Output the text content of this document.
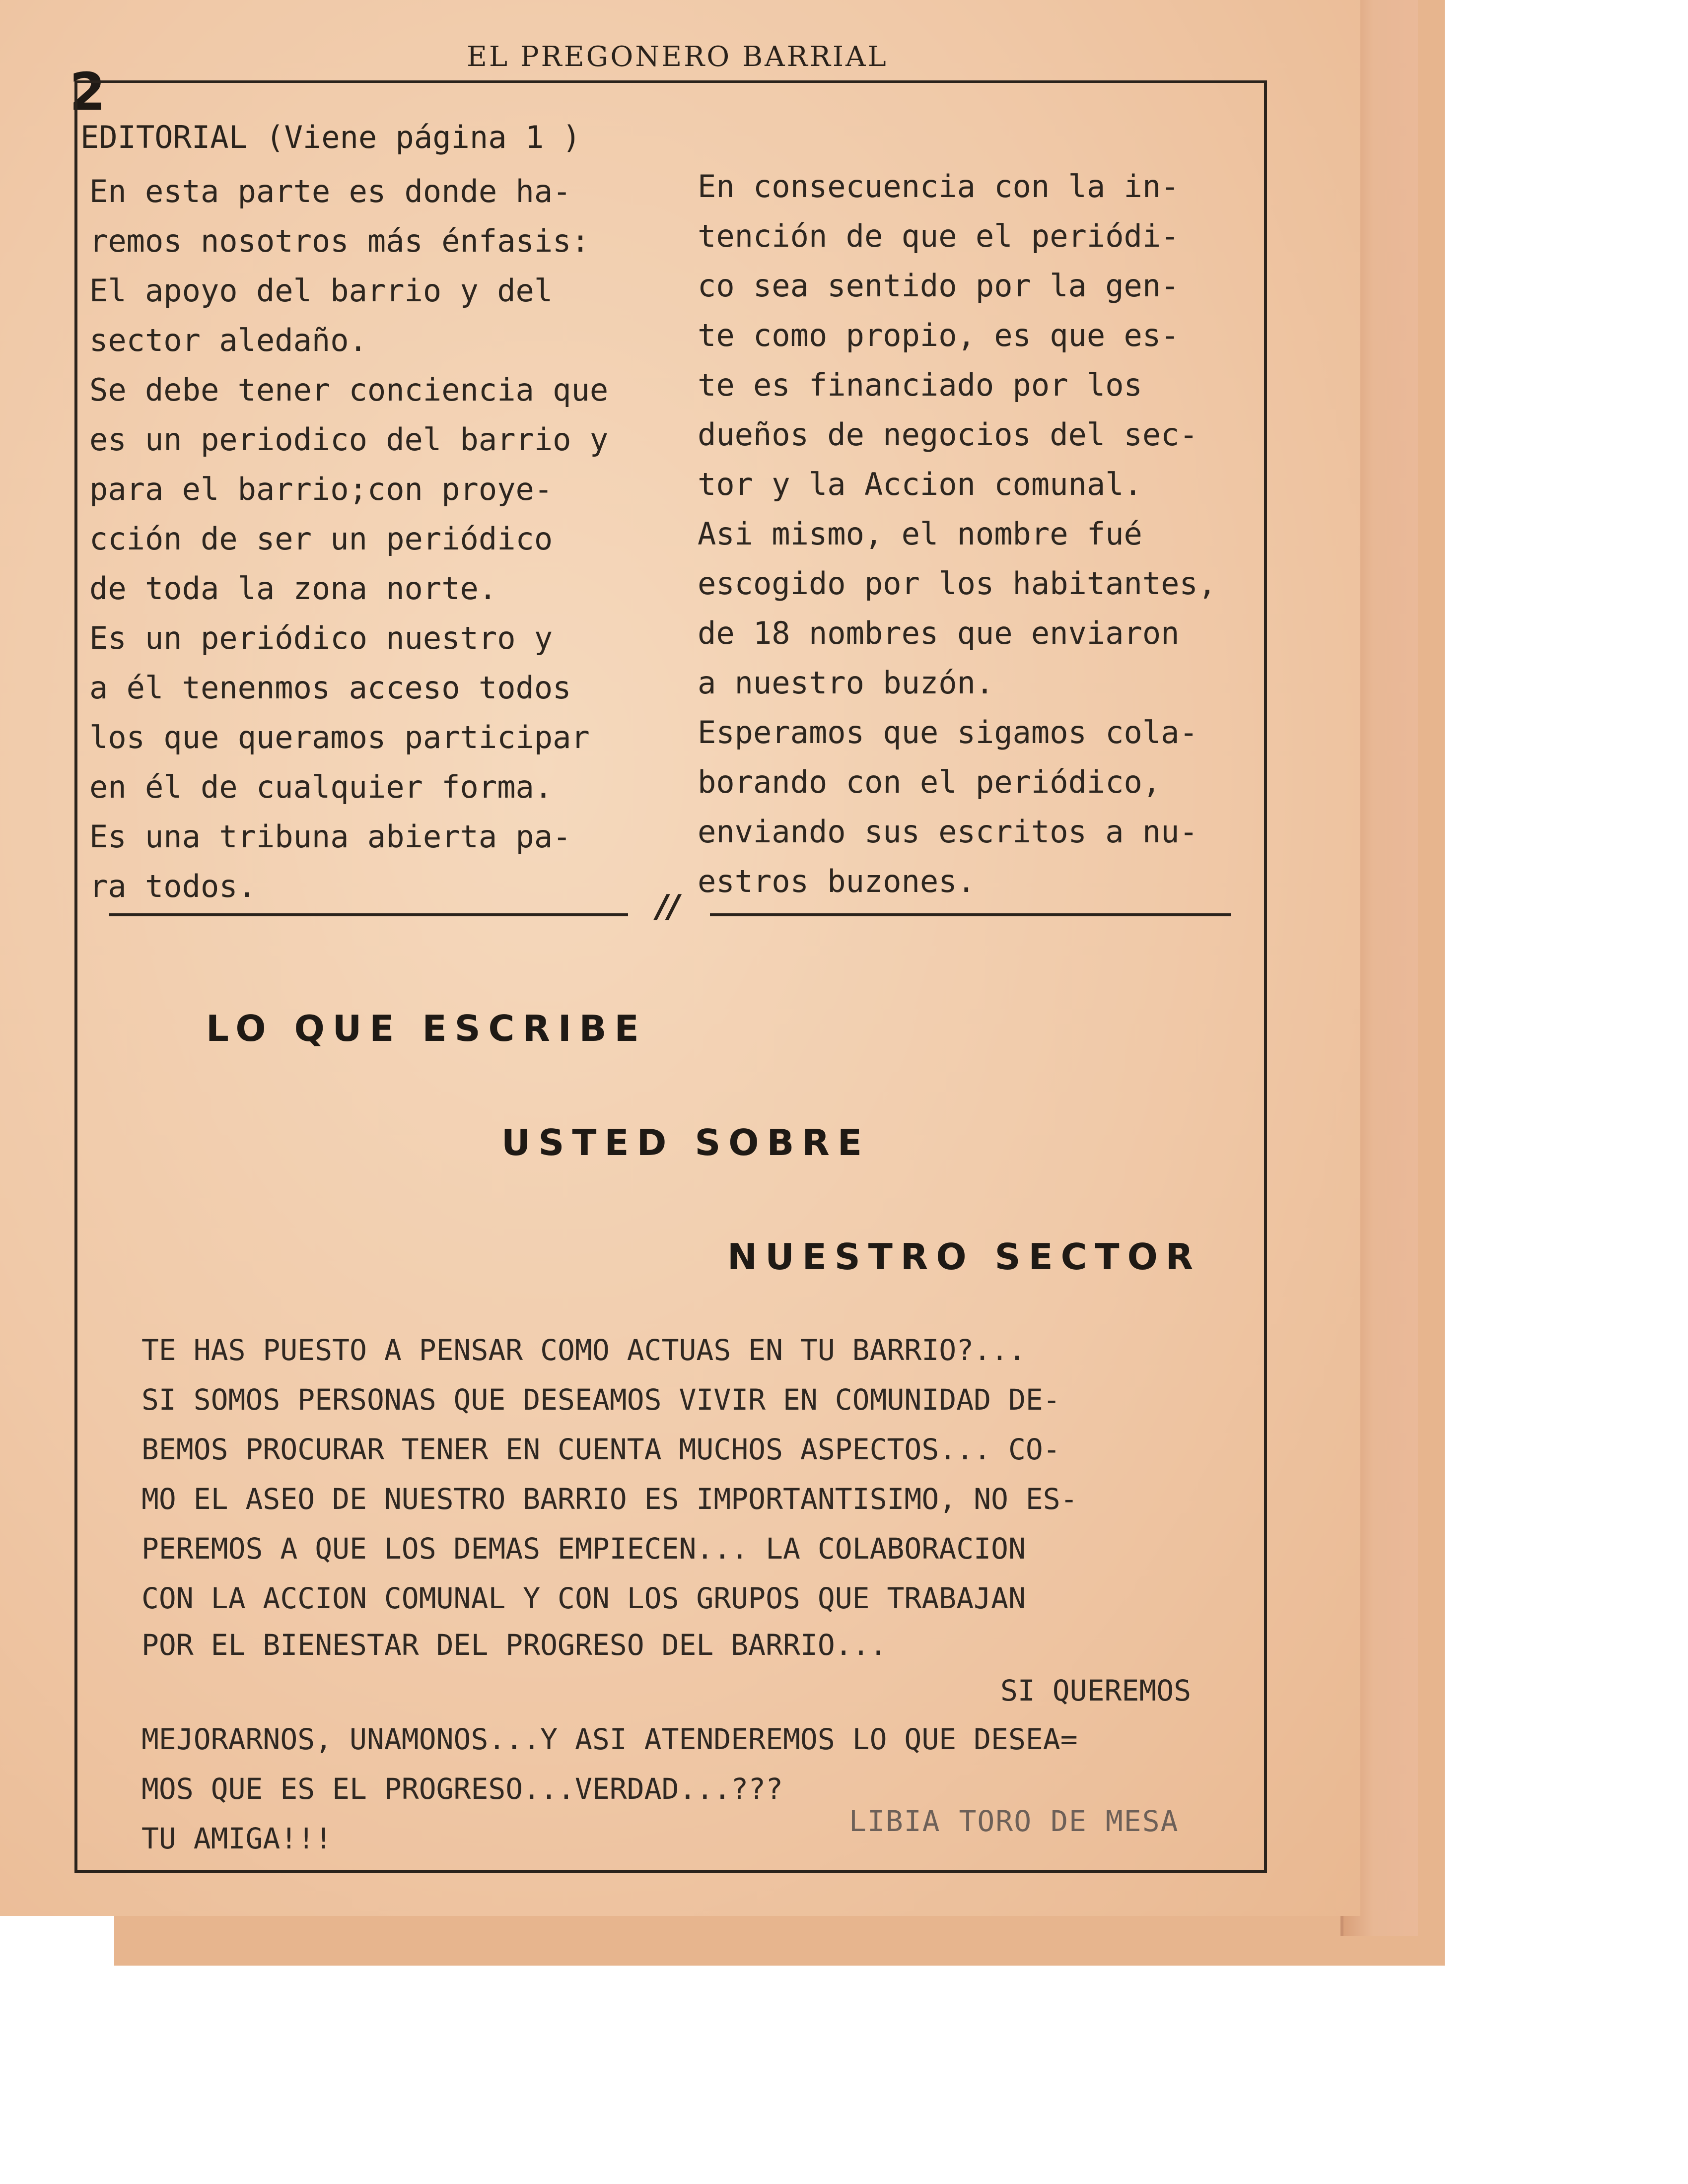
EL PREGONERO BARRIAL
2
EDITORIAL (Viene página 1 )
En esta parte es donde ha-
remos nosotros más énfasis:
El apoyo del barrio y del
sector aledaño.
Se debe tener conciencia que
es un periodico del barrio y
para el barrio;con proye-
cción de ser un periódico
de toda la zona norte.
Es un periódico nuestro y
a él tenenmos acceso todos
los que queramos participar
en él de cualquier forma.
Es una tribuna abierta pa-
ra todos.
En consecuencia con la in-
tención de que el periódi-
co sea sentido por la gen-
te como propio, es que es-
te es financiado por los
dueños de negocios del sec-
tor y la Accion comunal.
Asi mismo, el nombre fué
escogido por los habitantes,
de 18 nombres que enviaron
a nuestro buzón.
Esperamos que sigamos cola-
borando con el periódico,
enviando sus escritos a nu-
estros buzones.
//
LO QUE ESCRIBE
USTED SOBRE
NUESTRO SECTOR
TE HAS PUESTO A PENSAR COMO ACTUAS EN TU BARRIO?...
SI SOMOS PERSONAS QUE DESEAMOS VIVIR EN COMUNIDAD DE-
BEMOS PROCURAR TENER EN CUENTA MUCHOS ASPECTOS... CO-
MO EL ASEO DE NUESTRO BARRIO ES IMPORTANTISIMO, NO ES-
PEREMOS A QUE LOS DEMAS EMPIECEN... LA COLABORACION
CON LA ACCION COMUNAL Y CON LOS GRUPOS QUE TRABAJAN
POR EL BIENESTAR DEL PROGRESO DEL BARRIO...
SI QUEREMOS
MEJORARNOS, UNAMONOS...Y ASI ATENDEREMOS LO QUE DESEA=
MOS QUE ES EL PROGRESO...VERDAD...???
TU AMIGA!!!
LIBIA TORO DE MESA
